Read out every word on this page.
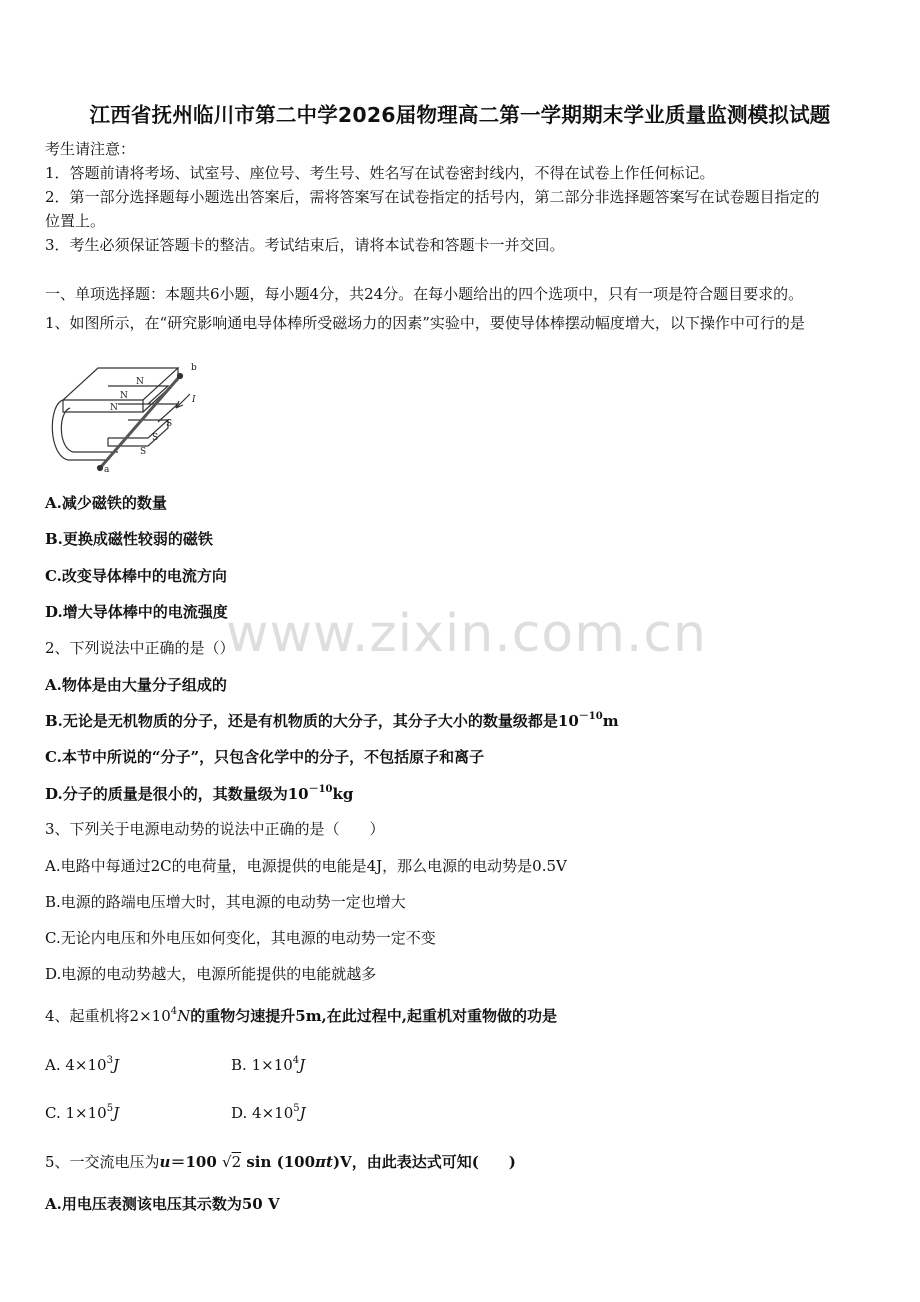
江西省抚州临川市第二中学2026届物理高二第一学期期末学业质量监测模拟试题
考生请注意：
1．答题前请将考场、试室号、座位号、考生号、姓名写在试卷密封线内，不得在试卷上作任何标记。
2．第一部分选择题每小题选出答案后，需将答案写在试卷指定的括号内，第二部分非选择题答案写在试卷题目指定的
位置上。
3．考生必须保证答题卡的整洁。考试结束后，请将本试卷和答题卡一并交回。
一、单项选择题：本题共6小题，每小题4分，共24分。在每小题给出的四个选项中，只有一项是符合题目要求的。
1、如图所示，在“研究影响通电导体棒所受磁场力的因素”实验中，要使导体棒摆动幅度增大，以下操作中可行的是
N
N
N
S
S
S
b
a
I
A.减少磁铁的数量
B.更换成磁性较弱的磁铁
C.改变导体棒中的电流方向
D.增大导体棒中的电流强度
www.zixin.com.cn
2、下列说法中正确的是（）
A.物体是由大量分子组成的
B.无论是无机物质的分子，还是有机物质的大分子，其分子大小的数量级都是$10^{-10}m$
C.本节中所说的“分子”，只包含化学中的分子，不包括原子和离子
D.分子的质量是很小的，其数量级为$10^{-10}kg$
3、下列关于电源电动势的说法中正确的是（　　）
A.电路中每通过2C的电荷量，电源提供的电能是4J，那么电源的电动势是0.5V
B.电源的路端电压增大时，其电源的电动势一定也增大
C.无论内电压和外电压如何变化，其电源的电动势一定不变
D.电源的电动势越大，电源所能提供的电能就越多
4、起重机将$2\times 10^4N$的重物匀速提升5m,在此过程中,起重机对重物做的功是
A. $4\times 10^3J$	B. $1\times 10^4J$
C. $1\times 10^5J$	D. $4\times 10^5J$
5、一交流电压为u＝100 √2 sin (100πt)V，由此表达式可知(　　)
A.用电压表测该电压其示数为50 V
